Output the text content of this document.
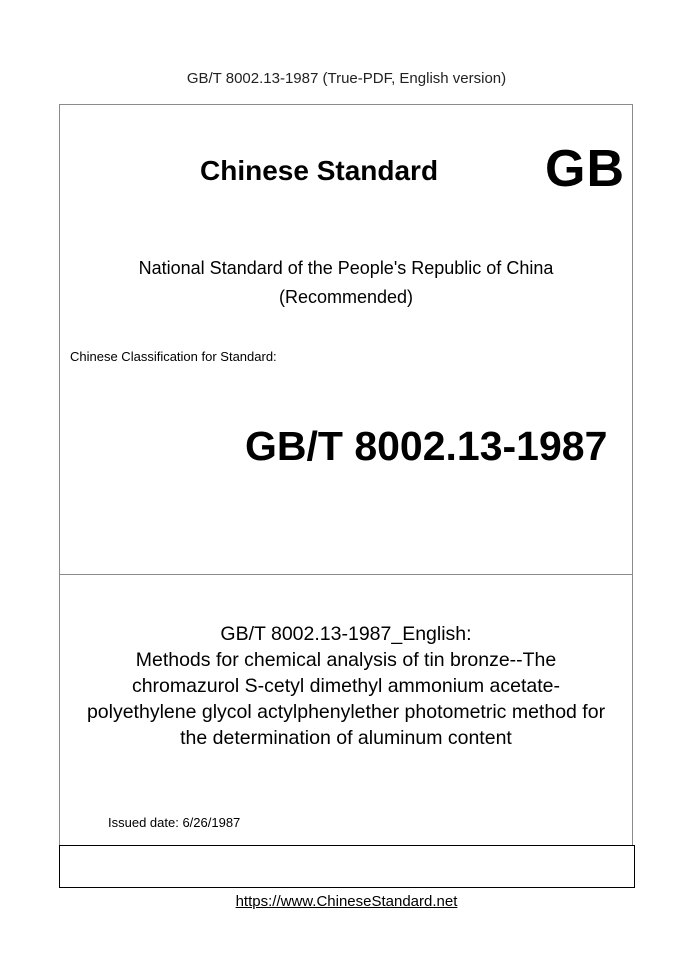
GB/T 8002.13-1987 (True-PDF, English version)
Chinese Standard GB
National Standard of the People's Republic of China
(Recommended)
Chinese Classification for Standard:
GB/T 8002.13-1987
GB/T 8002.13-1987_English:
Methods for chemical analysis of tin bronze--The
chromazurol S-cetyl dimethyl ammonium acetate-
polyethylene glycol actylphenylether photometric method for
the determination of aluminum content
Issued date: 6/26/1987
https://www.ChineseStandard.net
